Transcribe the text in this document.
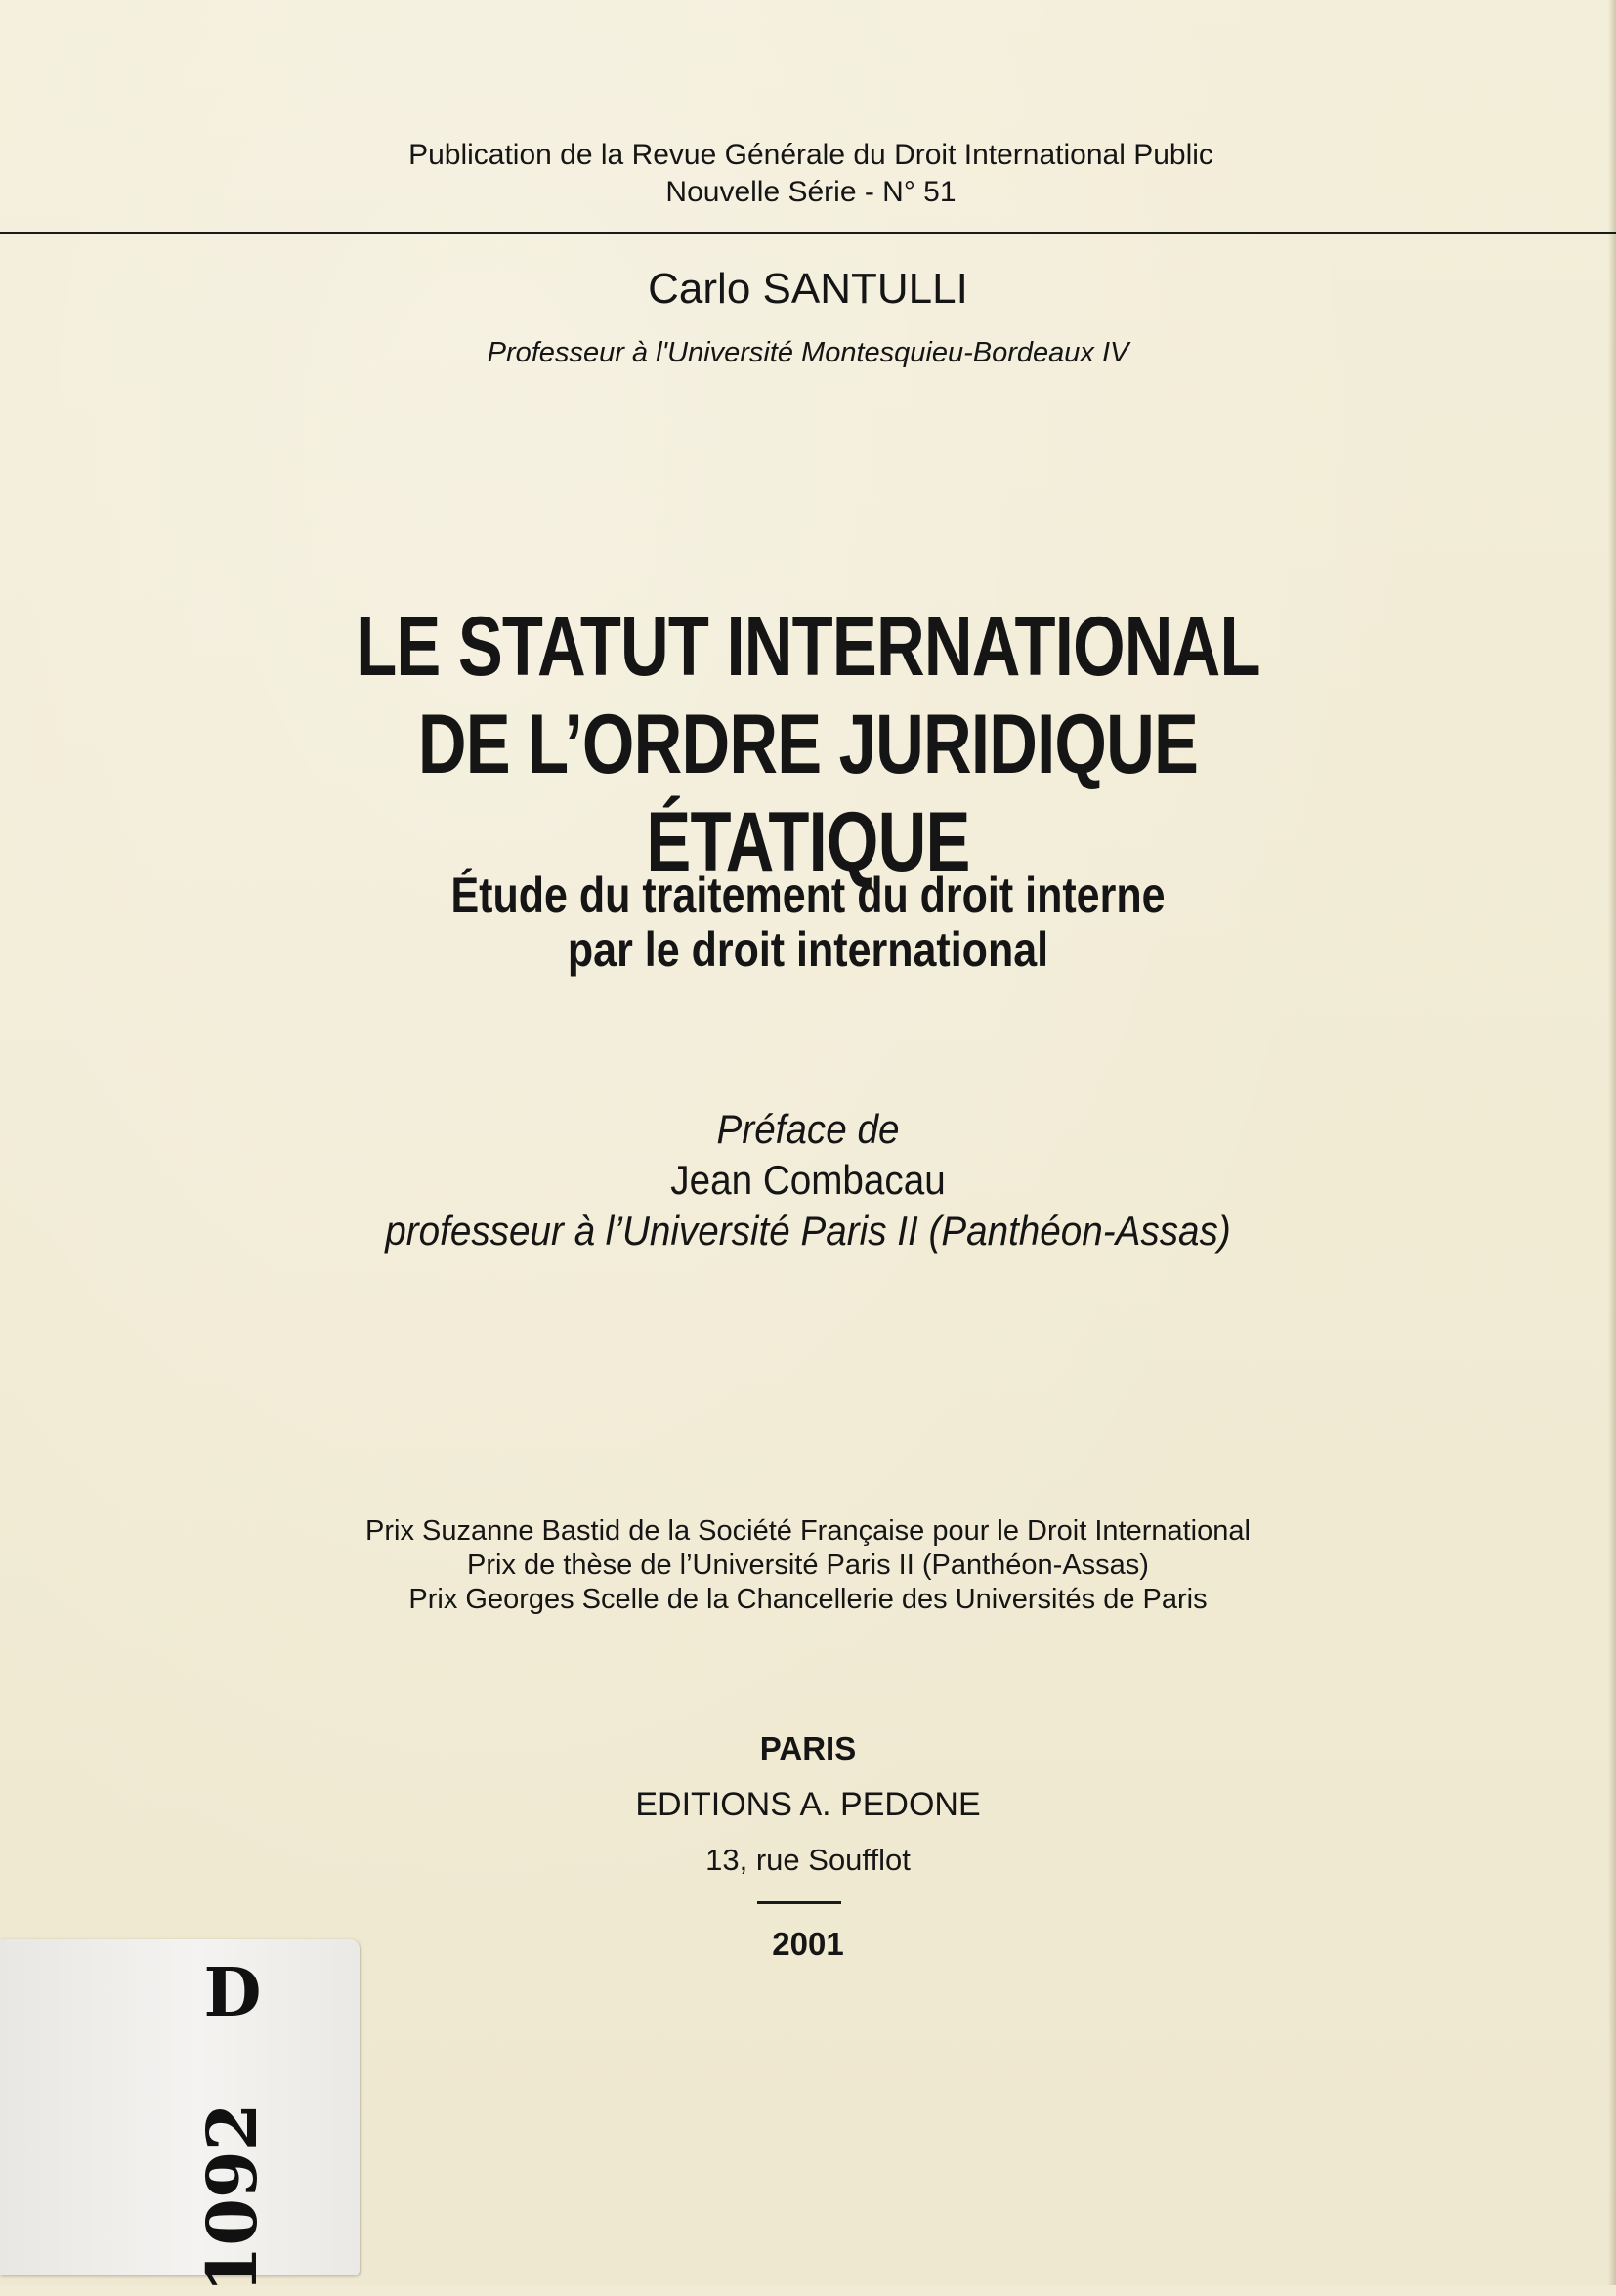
Publication de la Revue Générale du Droit International Public
Nouvelle Série - N° 51
Carlo SANTULLI
Professeur à l'Université Montesquieu-Bordeaux IV
LE STATUT INTERNATIONAL
DE L’ORDRE JURIDIQUE ÉTATIQUE
Étude du traitement du droit interne
par le droit international
Préface de
Jean Combacau
professeur à l’Université Paris II (Panthéon-Assas)
Prix Suzanne Bastid de la Société Française pour le Droit International
Prix de thèse de l’Université Paris II (Panthéon-Assas)
Prix Georges Scelle de la Chancellerie des Universités de Paris
PARIS
EDITIONS A. PEDONE
13, rue Soufflot
2001
D
1092
